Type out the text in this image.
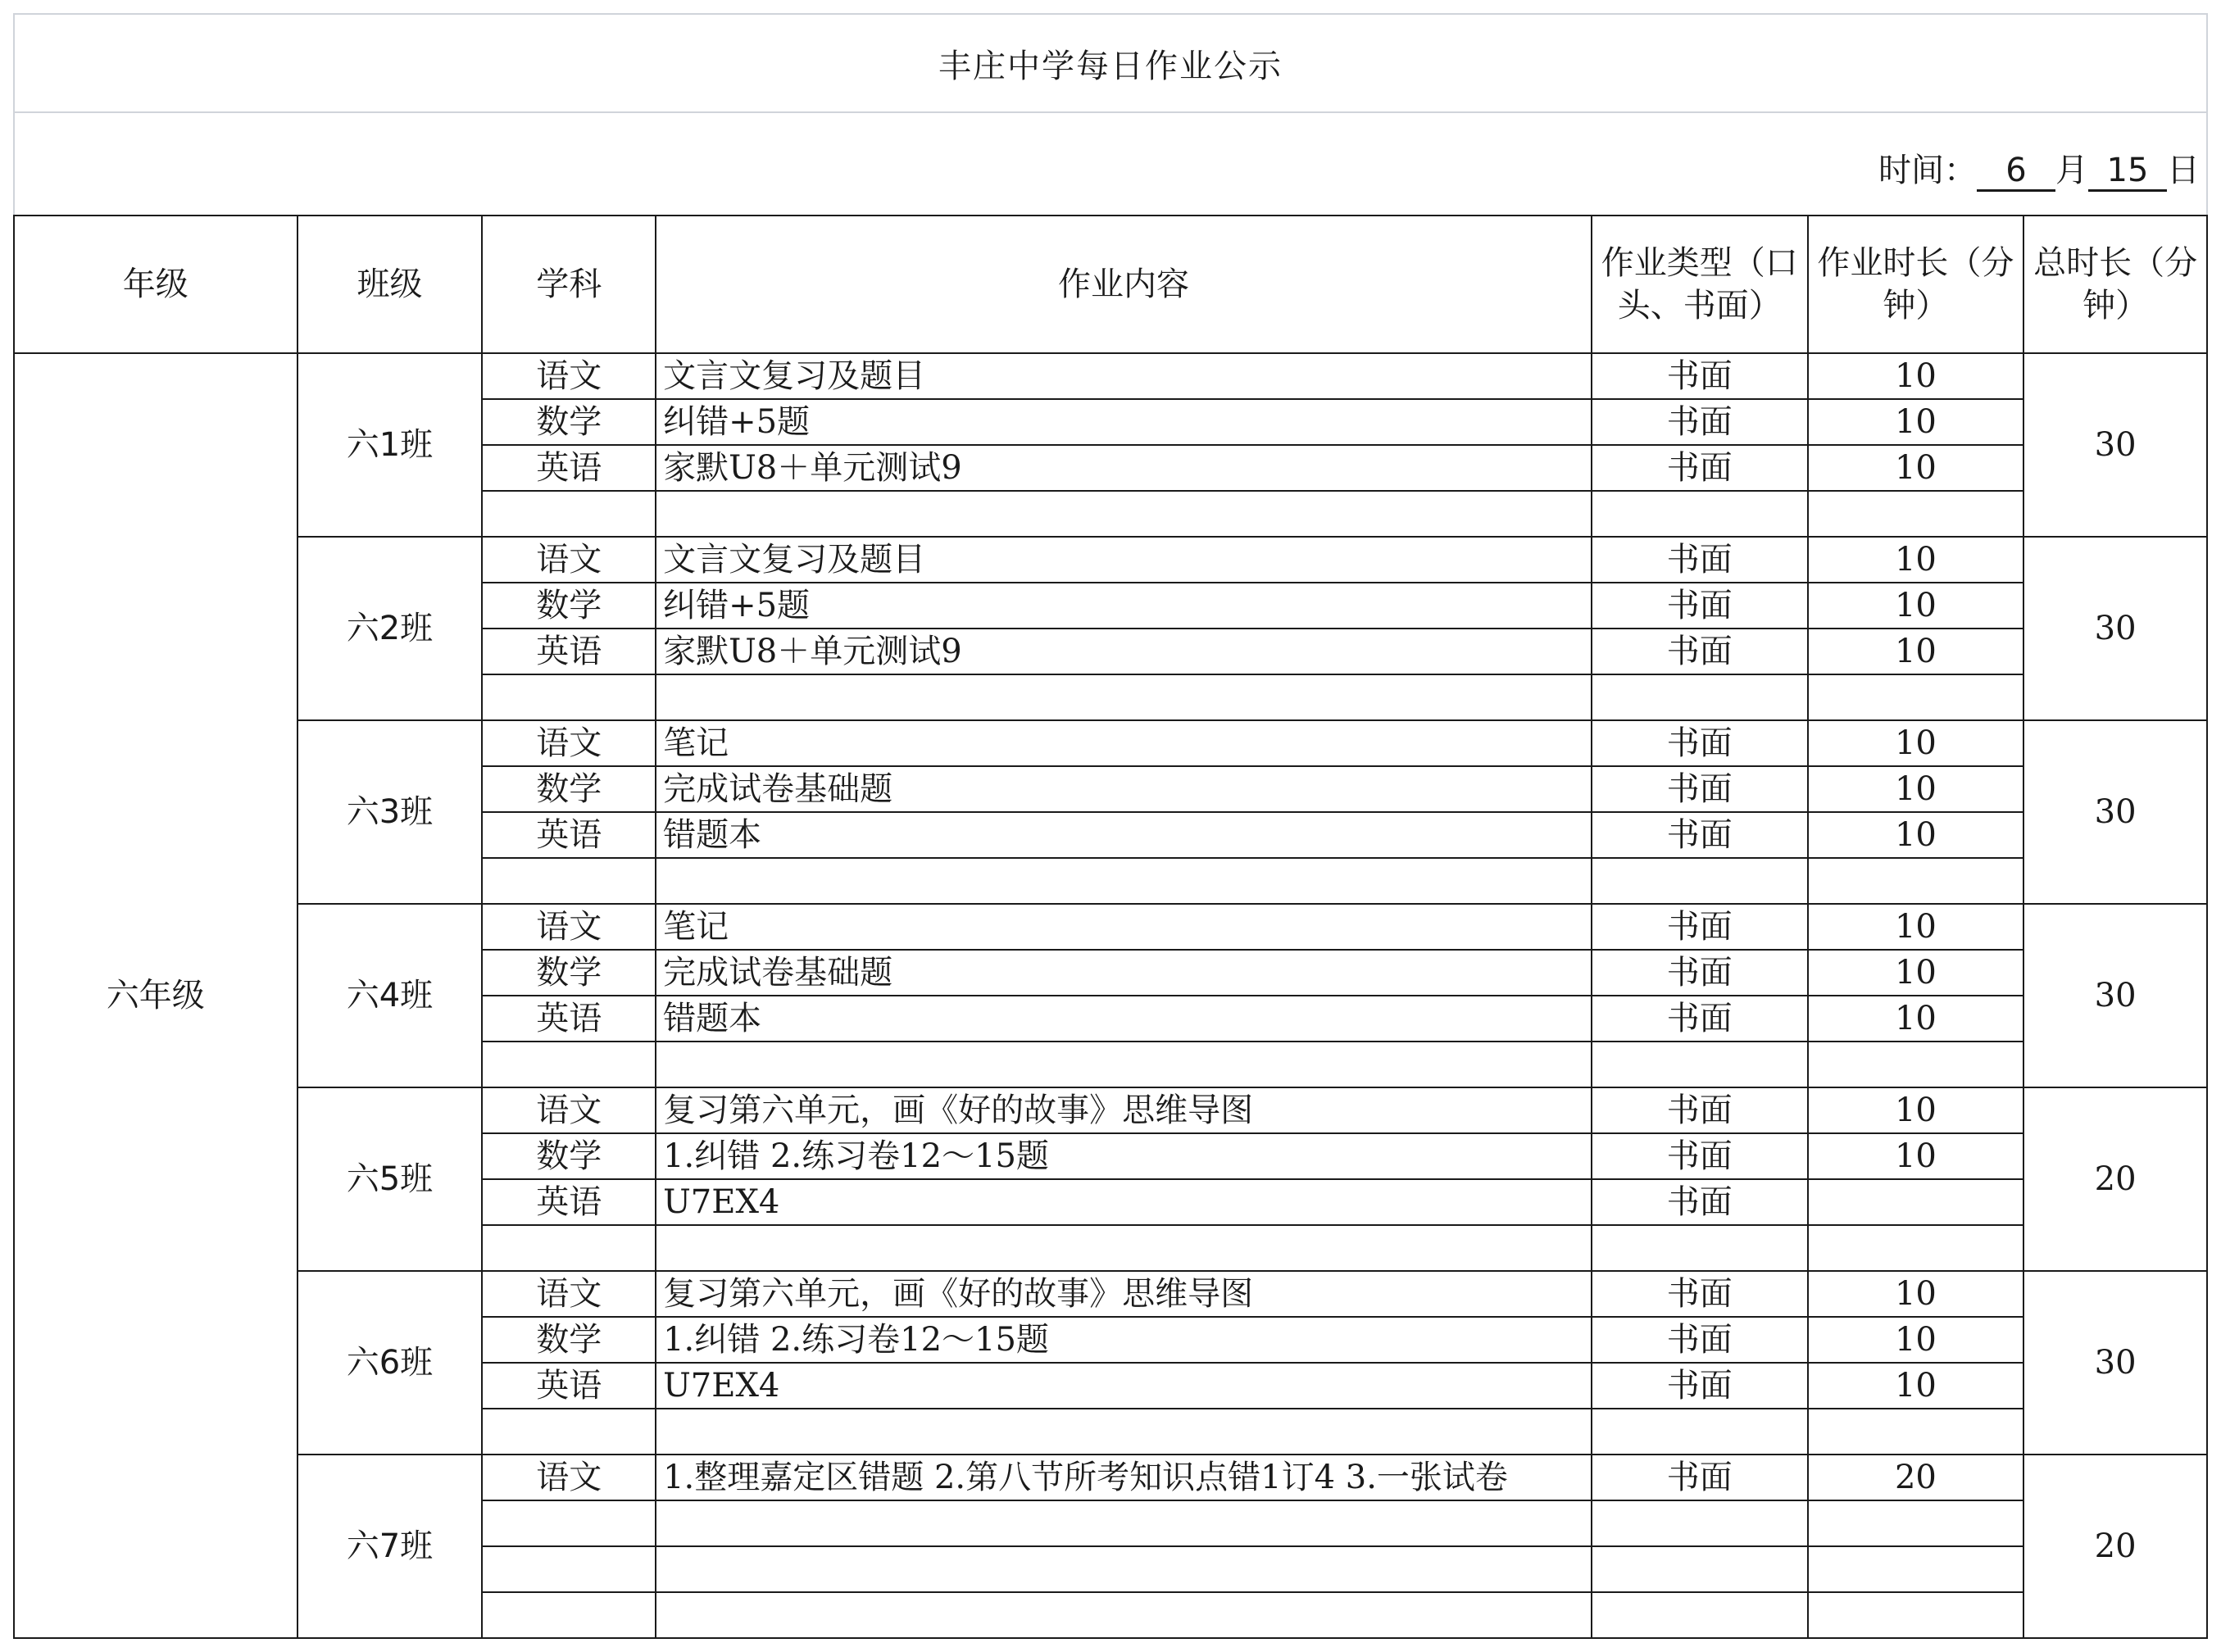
丰庄中学每日作业公示
时间： 6 月 15 日
年级	班级	学科	作业内容	作业类型（口头、书面）	作业时长（分钟）	总时长（分钟）
六年级	六1班	语文	文言文复习及题目	书面	10	30
		数学	纠错+5题	书面	10	
		英语	家默U8＋单元测试9	书面	10	

	六2班	语文	文言文复习及题目	书面	10	30
		数学	纠错+5题	书面	10	
		英语	家默U8＋单元测试9	书面	10	

	六3班	语文	笔记	书面	10	30
		数学	完成试卷基础题	书面	10	
		英语	错题本	书面	10	

	六4班	语文	笔记	书面	10	30
		数学	完成试卷基础题	书面	10	
		英语	错题本	书面	10	

	六5班	语文	复习第六单元，画《好的故事》思维导图	书面	10	20
		数学	1.纠错 2.练习卷12～15题	书面	10	
		英语	U7EX4	书面		

	六6班	语文	复习第六单元，画《好的故事》思维导图	书面	10	30
		数学	1.纠错 2.练习卷12～15题	书面	10	
		英语	U7EX4	书面	10	

	六7班	语文	1.整理嘉定区错题 2.第八节所考知识点错1订4 3.一张试卷	书面	20	20
